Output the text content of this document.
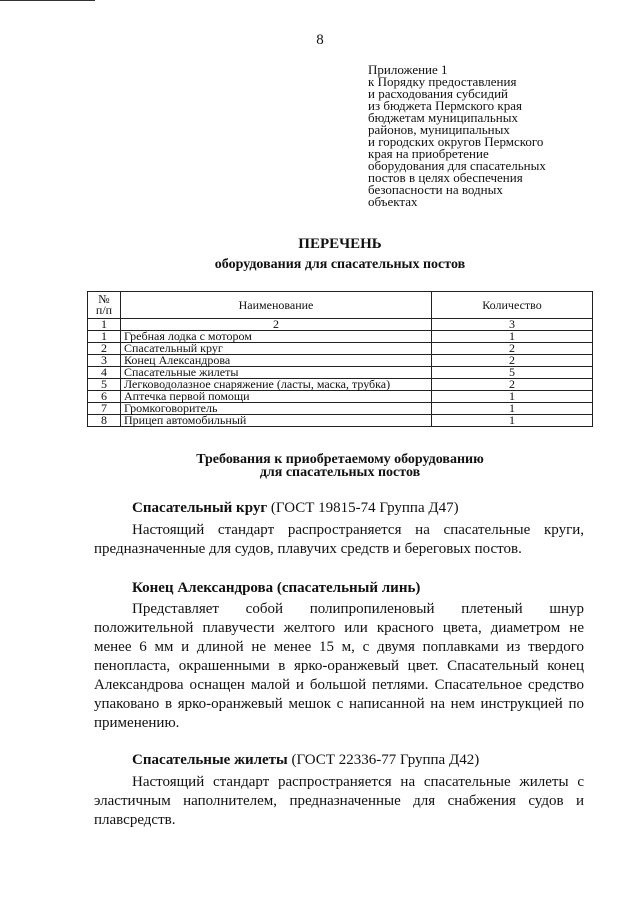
8
Приложение 1
к Порядку предоставления
и расходования субсидий
из бюджета Пермского края
бюджетам муниципальных
районов, муниципальных
и городских округов Пермского
края на приобретение
оборудования для спасательных
постов в целях обеспечения
безопасности на водных
объектах
ПЕРЕЧЕНЬ
оборудования для спасательных постов
№
п/п	Наименование	Количество
1	2	3
1	Гребная лодка с мотором	1
2	Спасательный круг	2
3	Конец Александрова	2
4	Спасательные жилеты	5
5	Легководолазное снаряжение (ласты, маска, трубка)	2
6	Аптечка первой помощи	1
7	Громкоговоритель	1
8	Прицеп автомобильный	1
Требования к приобретаемому оборудованию
для спасательных постов
Спасательный круг (ГОСТ 19815-74 Группа Д47)
Настоящий стандарт распространяется на спасательные круги, предназначенные для судов, плавучих средств и береговых постов.
Конец Александрова (спасательный линь)
Представляет собой полипропиленовый плетеный шнур положительной плавучести желтого или красного цвета, диаметром не менее 6 мм и длиной не менее 15 м, с двумя поплавками из твердого пенопласта, окрашенными в ярко-оранжевый цвет. Спасательный конец Александрова оснащен малой и большой петлями. Спасательное средство упаковано в ярко-оранжевый мешок с написанной на нем инструкцией по применению.
Спасательные жилеты (ГОСТ 22336-77 Группа Д42)
Настоящий стандарт распространяется на спасательные жилеты с эластичным наполнителем, предназначенные для снабжения судов и плавсредств.
